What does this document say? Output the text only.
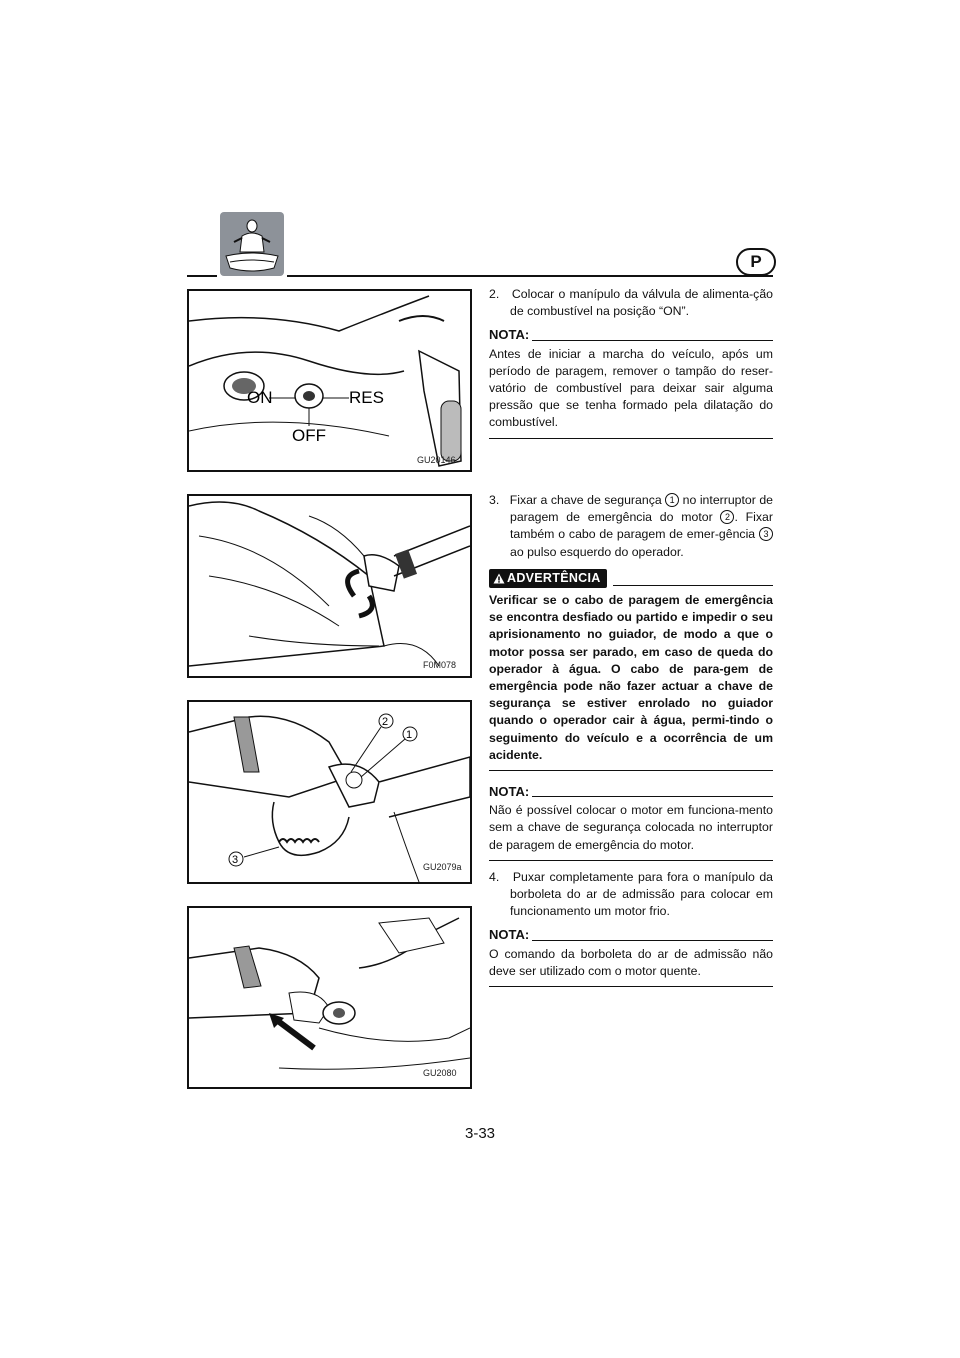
P
ON	RES
OFF
GU20146
F0M078
2
1
3
GU2079a
GU2080
2. Colocar o manípulo da válvula de alimenta-ção de combustível na posição “ON”.
NOTA:
Antes de iniciar a marcha do veículo, após um período de paragem, remover o tampão do reser-vatório de combustível para deixar sair alguma pressão que se tenha formado pela dilatação do combustível.
3. Fixar a chave de segurança 1 no interruptor de paragem de emergência do motor 2 . Fixar também o cabo de paragem de emer-gência 3 ao pulso esquerdo do operador.
ADVERTÊNCIA
Verificar se o cabo de paragem de emergência se encontra desfiado ou partido e impedir o seu aprisionamento no guiador, de modo a que o motor possa ser parado, em caso de queda do operador à água. O cabo de para-gem de emergência pode não fazer actuar a chave de segurança se estiver enrolado no guiador quando o operador cair à água, permi-tindo o seguimento do veículo e a ocorrência de um acidente.
NOTA:
Não é possível colocar o motor em funciona-mento sem a chave de segurança colocada no interruptor de paragem de emergência do motor.
4. Puxar completamente para fora o manípulo da borboleta do ar de admissão para colocar em funcionamento um motor frio.
NOTA:
O comando da borboleta do ar de admissão não deve ser utilizado com o motor quente.
3-33
